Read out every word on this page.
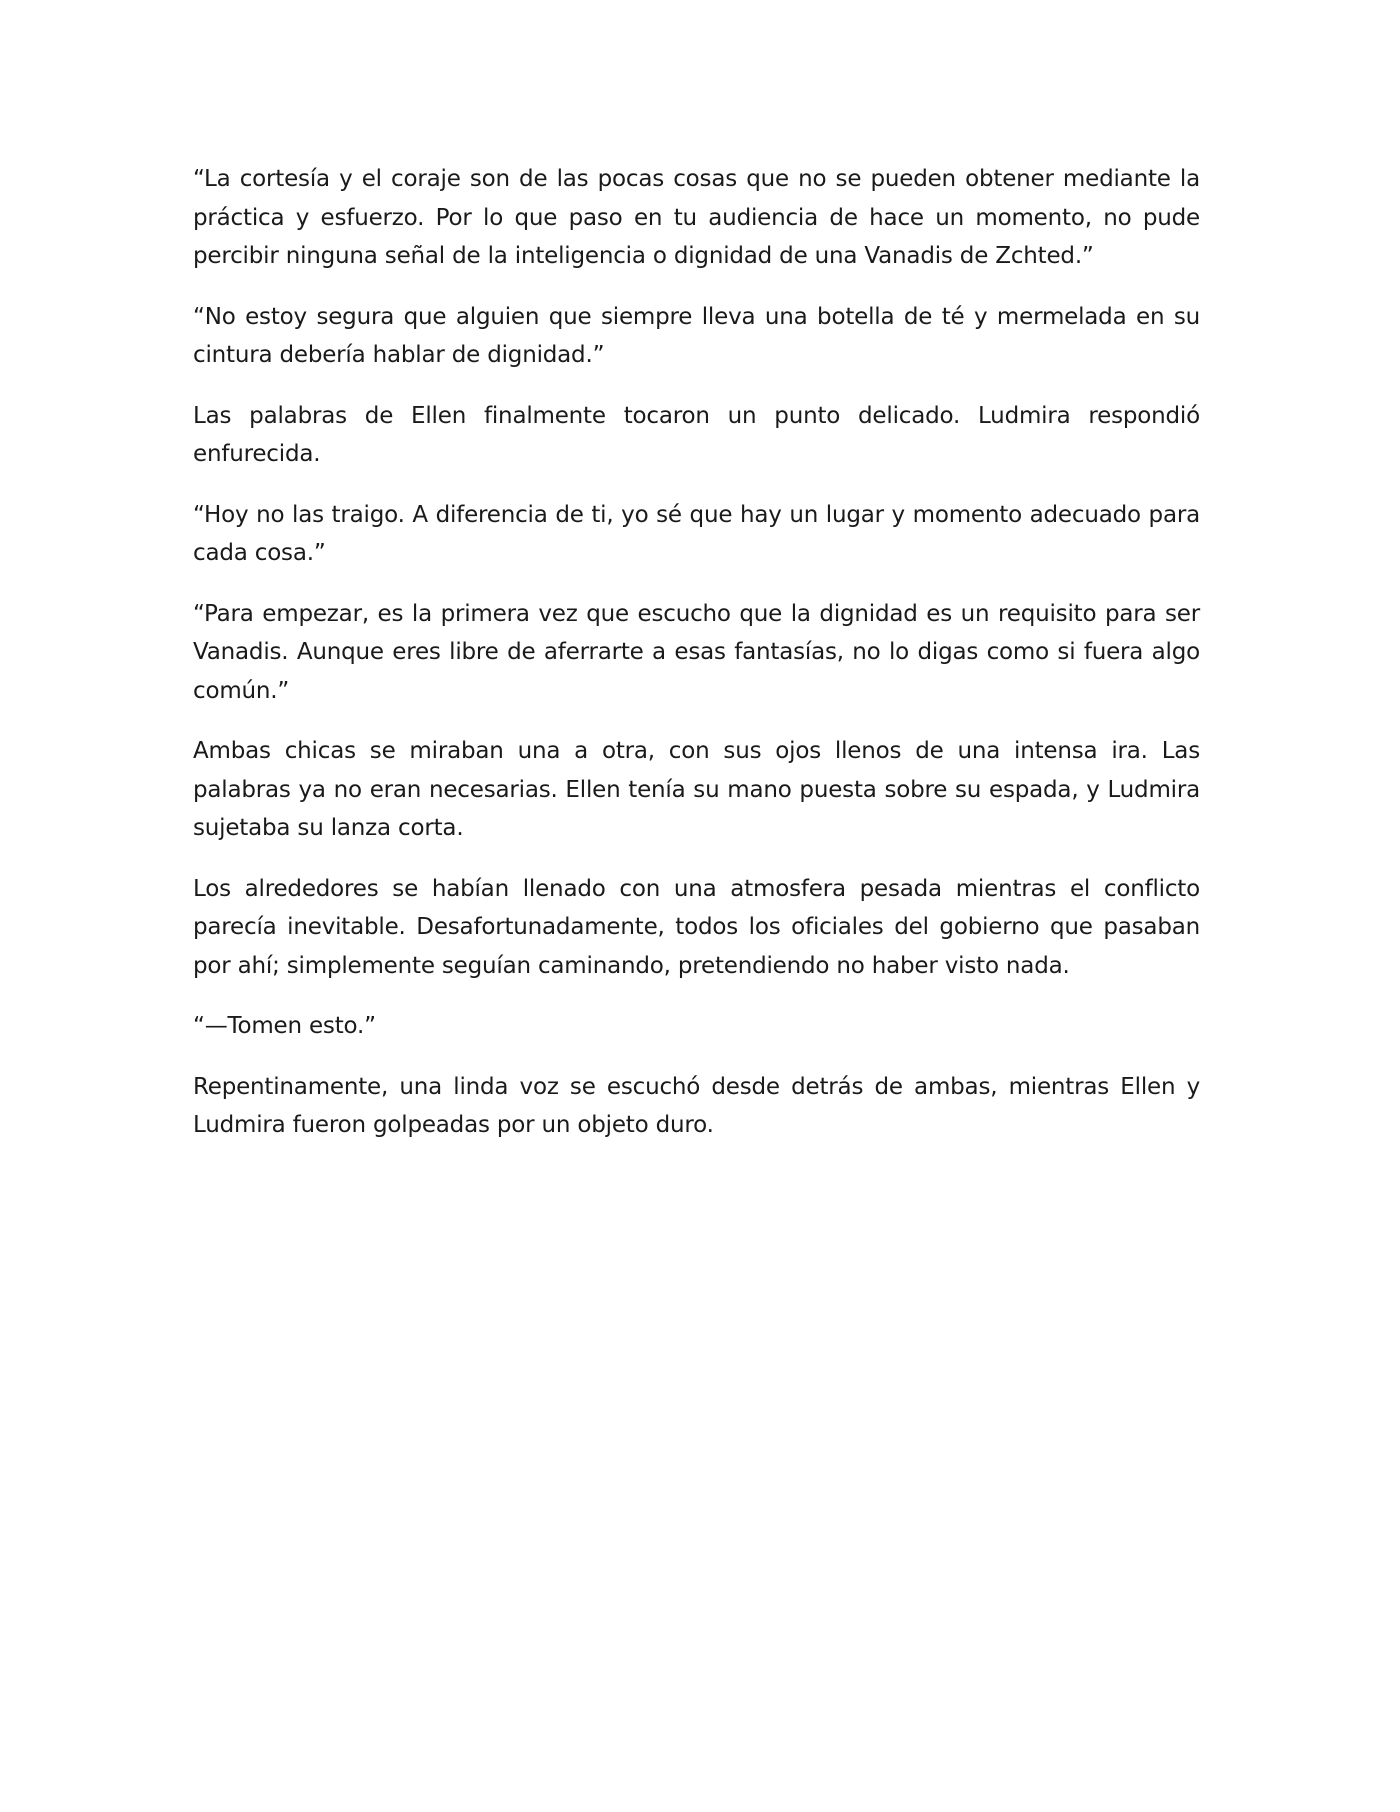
“La cortesía y el coraje son de las pocas cosas que no se pueden obtener mediante la práctica y esfuerzo. Por lo que paso en tu audiencia de hace un momento, no pude percibir ninguna señal de la inteligencia o dignidad de una Vanadis de Zchted.”

“No estoy segura que alguien que siempre lleva una botella de té y mermelada en su cintura debería hablar de dignidad.”

Las palabras de Ellen finalmente tocaron un punto delicado. Ludmira respondió enfurecida.

“Hoy no las traigo. A diferencia de ti, yo sé que hay un lugar y momento adecuado para cada cosa.”

“Para empezar, es la primera vez que escucho que la dignidad es un requisito para ser Vanadis. Aunque eres libre de aferrarte a esas fantasías, no lo digas como si fuera algo común.”

Ambas chicas se miraban una a otra, con sus ojos llenos de una intensa ira. Las palabras ya no eran necesarias. Ellen tenía su mano puesta sobre su espada, y Ludmira sujetaba su lanza corta.

Los alrededores se habían llenado con una atmosfera pesada mientras el conflicto parecía inevitable. Desafortunadamente, todos los oficiales del gobierno que pasaban por ahí; simplemente seguían caminando, pretendiendo no haber visto nada.

“—Tomen esto.”

Repentinamente, una linda voz se escuchó desde detrás de ambas, mientras Ellen y Ludmira fueron golpeadas por un objeto duro.
